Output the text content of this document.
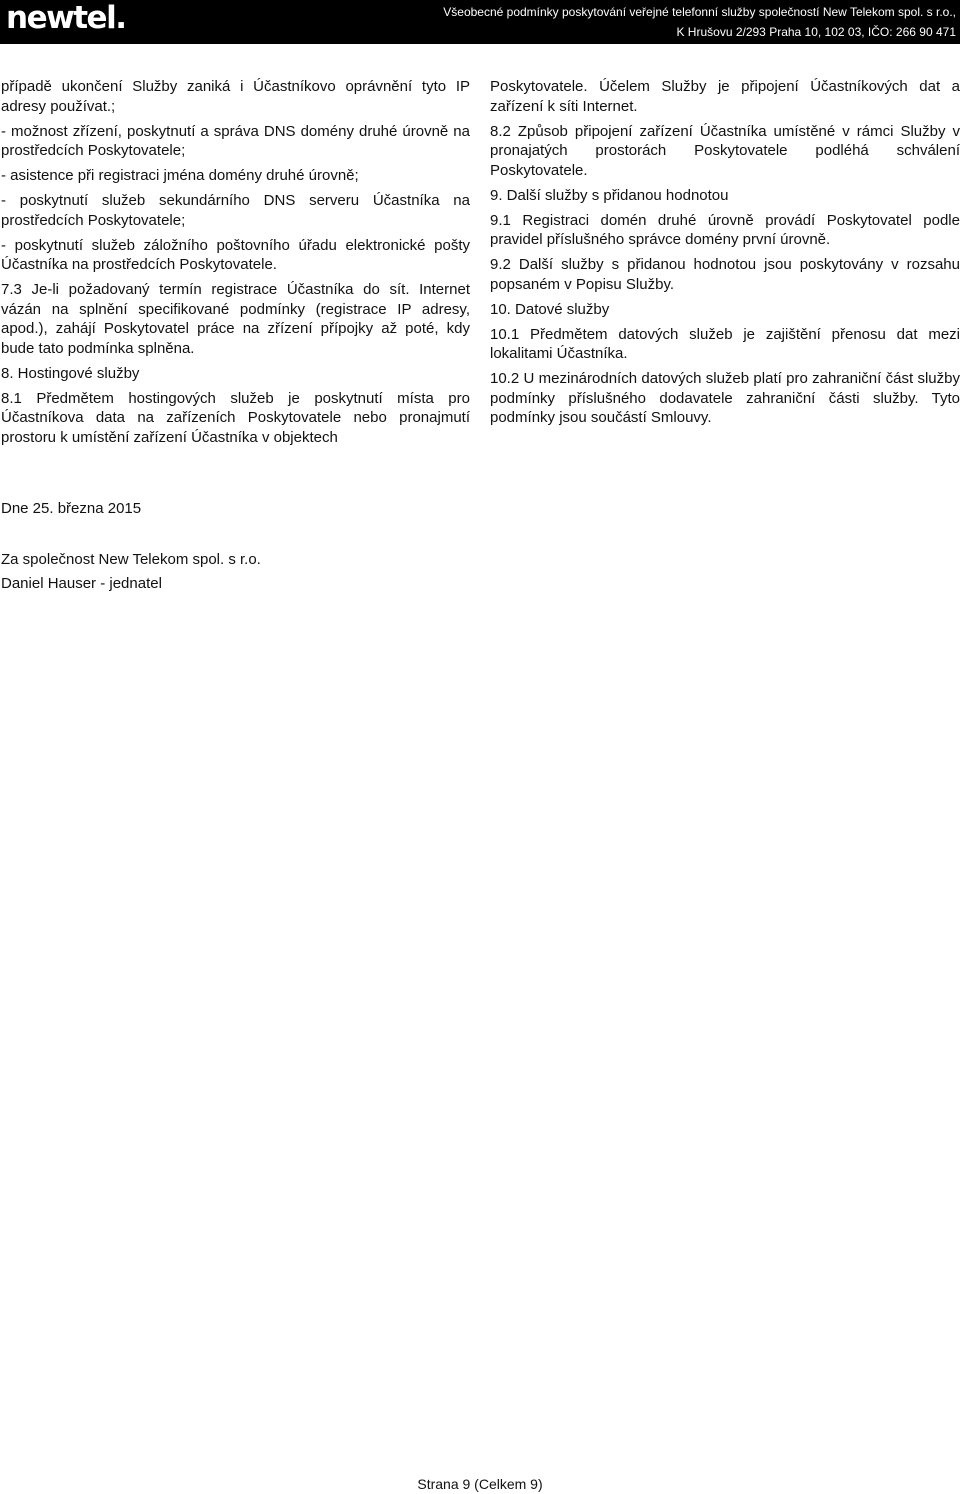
newtel.	Všeobecné podmínky poskytování veřejné telefonní služby společností New Telekom spol. s r.o.,
K Hrušovu 2/293 Praha 10, 102 03, IČO: 266 90 471

případě ukončení Služby zaniká i Účastníkovo oprávnění tyto IP adresy používat.;

- možnost zřízení, poskytnutí a správa DNS domény druhé úrovně na prostředcích Poskytovatele;

- asistence při registraci jména domény druhé úrovně;

- poskytnutí služeb sekundárního DNS serveru Účastníka na prostředcích Poskytovatele;

- poskytnutí služeb záložního poštovního úřadu elektronické pošty Účastníka na prostředcích Poskytovatele.

7.3 Je-li požadovaný termín registrace Účastníka do sít. Internet vázán na splnění specifikované podmínky (registrace IP adresy, apod.), zahájí Poskytovatel práce na zřízení přípojky až poté, kdy bude tato podmínka splněna.

8. Hostingové služby

8.1 Předmětem hostingových služeb je poskytnutí místa pro Účastníkova data na zařízeních Poskytovatele nebo pronajmutí prostoru k umístění zařízení Účastníka v objektech

Poskytovatele. Účelem Služby je připojení Účastníkových dat a zařízení k síti Internet.

8.2 Způsob připojení zařízení Účastníka umístěné v rámci Služby v pronajatých prostorách Poskytovatele podléhá schválení Poskytovatele.

9. Další služby s přidanou hodnotou

9.1 Registraci domén druhé úrovně provádí Poskytovatel podle pravidel příslušného správce domény první úrovně.

9.2 Další služby s přidanou hodnotou jsou poskytovány v rozsahu popsaném v Popisu Služby.

10. Datové služby

10.1 Předmětem datových služeb je zajištění přenosu dat mezi lokalitami Účastníka.

10.2 U mezinárodních datových služeb platí pro zahraniční část služby podmínky příslušného dodavatele zahraniční části služby. Tyto podmínky jsou součástí Smlouvy.

Dne 25. března 2015
Za společnost New Telekom spol. s r.o.
Daniel Hauser - jednatel
Strana 9 (Celkem 9)
